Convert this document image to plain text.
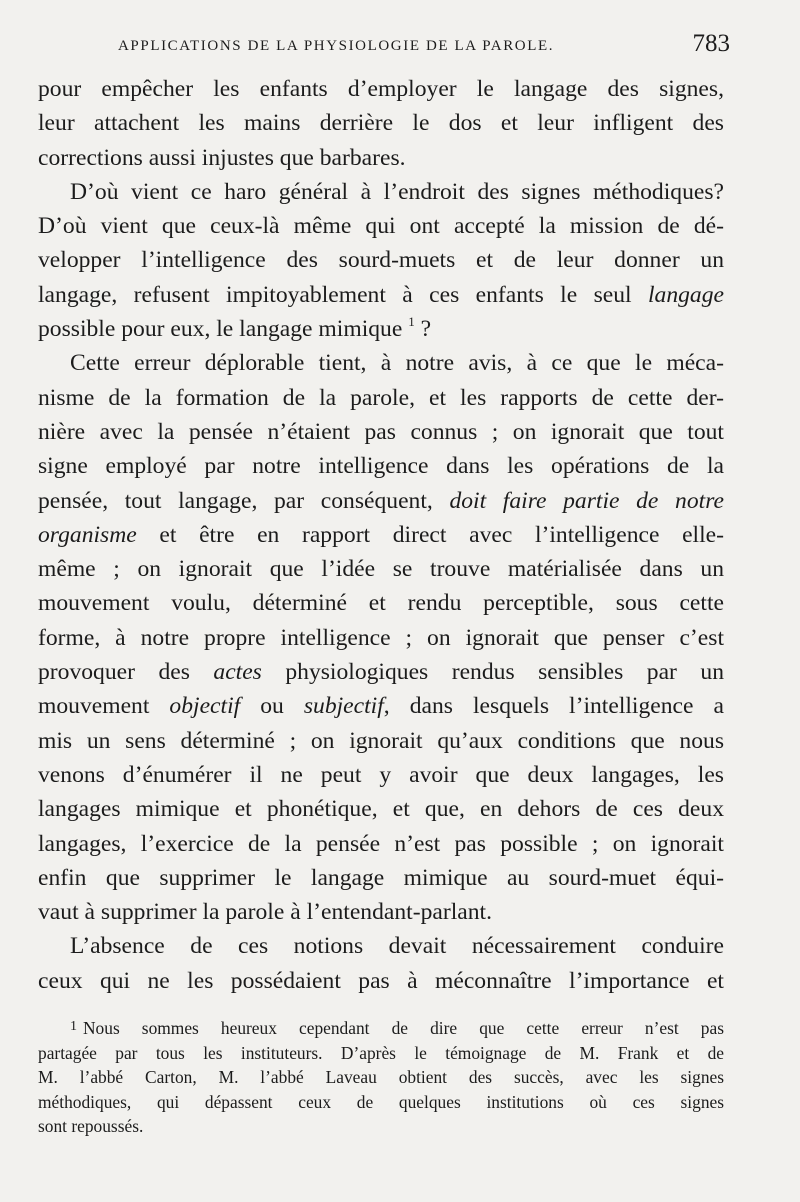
APPLICATIONS DE LA PHYSIOLOGIE DE LA PAROLE.	783

pour empêcher les enfants d’employer le langage des signes,
leur attachent les mains derrière le dos et leur infligent des
corrections aussi injustes que barbares.

D’où vient ce haro général à l’endroit des signes méthodiques?
D’où vient que ceux-là même qui ont accepté la mission de dé-
velopper l’intelligence des sourd-muets et de leur donner un
langage, refusent impitoyablement à ces enfants le seul langage
possible pour eux, le langage mimique $^1$ ?

Cette erreur déplorable tient, à notre avis, à ce que le méca-
nisme de la formation de la parole, et les rapports de cette der-
nière avec la pensée n’étaient pas connus ; on ignorait que tout
signe employé par notre intelligence dans les opérations de la
pensée, tout langage, par conséquent, doit faire partie de notre
organisme et être en rapport direct avec l’intelligence elle-
même ; on ignorait que l’idée se trouve matérialisée dans un
mouvement voulu, déterminé et rendu perceptible, sous cette
forme, à notre propre intelligence ; on ignorait que penser c’est
provoquer des actes physiologiques rendus sensibles par un
mouvement objectif ou subjectif, dans lesquels l’intelligence a
mis un sens déterminé ; on ignorait qu’aux conditions que nous
venons d’énumérer il ne peut y avoir que deux langages, les
langages mimique et phonétique, et que, en dehors de ces deux
langages, l’exercice de la pensée n’est pas possible ; on ignorait
enfin que supprimer le langage mimique au sourd-muet équi-
vaut à supprimer la parole à l’entendant-parlant.

L’absence de ces notions devait nécessairement conduire
ceux qui ne les possédaient pas à méconnaître l’importance et

$^1$ Nous sommes heureux cependant de dire que cette erreur n’est pas
partagée par tous les instituteurs. D’après le témoignage de M. Frank et de
M. l’abbé Carton, M. l’abbé Laveau obtient des succès, avec les signes
méthodiques, qui dépassent ceux de quelques institutions où ces signes
sont repoussés.
